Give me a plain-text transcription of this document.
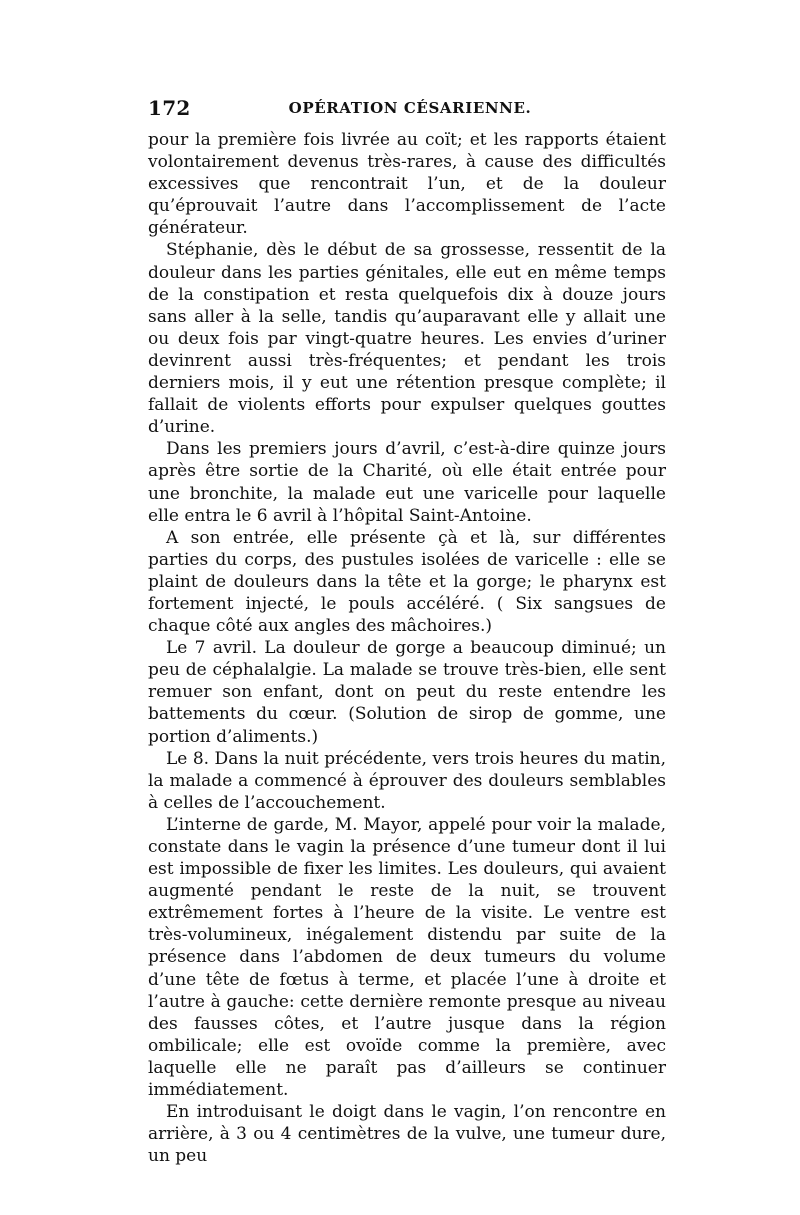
172	OPÉRATION CÉSARIENNE.

pour la première fois livrée au coït; et les rapports étaient volontairement devenus très-rares, à cause des difficultés excessives que rencontrait l’un, et de la douleur qu’éprouvait l’autre dans l’accomplissement de l’acte générateur.

Stéphanie, dès le début de sa grossesse, ressentit de la douleur dans les parties génitales, elle eut en même temps de la constipation et resta quelquefois dix à douze jours sans aller à la selle, tandis qu’auparavant elle y allait une ou deux fois par vingt-quatre heures. Les envies d’uriner devinrent aussi très-fréquentes; et pendant les trois derniers mois, il y eut une rétention presque complète; il fallait de violents efforts pour expulser quelques gouttes d’urine.

Dans les premiers jours d’avril, c’est-à-dire quinze jours après être sortie de la Charité, où elle était entrée pour une bronchite, la malade eut une varicelle pour laquelle elle entra le 6 avril à l’hôpital Saint-Antoine.

A son entrée, elle présente çà et là, sur différentes parties du corps, des pustules isolées de varicelle : elle se plaint de douleurs dans la tête et la gorge; le pharynx est fortement injecté, le pouls accéléré. ( Six sangsues de chaque côté aux angles des mâchoires.)

Le 7 avril. La douleur de gorge a beaucoup diminué; un peu de céphalalgie. La malade se trouve très-bien, elle sent remuer son enfant, dont on peut du reste entendre les battements du cœur. (Solution de sirop de gomme, une portion d’aliments.)

Le 8. Dans la nuit précédente, vers trois heures du matin, la malade a commencé à éprouver des douleurs semblables à celles de l’accouchement.

L’interne de garde, M. Mayor, appelé pour voir la malade, constate dans le vagin la présence d’une tumeur dont il lui est impossible de fixer les limites. Les douleurs, qui avaient augmenté pendant le reste de la nuit, se trouvent extrêmement fortes à l’heure de la visite. Le ventre est très-volumineux, inégalement distendu par suite de la présence dans l’abdomen de deux tumeurs du volume d’une tête de fœtus à terme, et placée l’une à droite et l’autre à gauche: cette dernière remonte presque au niveau des fausses côtes, et l’autre jusque dans la région ombilicale; elle est ovoïde comme la première, avec laquelle elle ne paraît pas d’ailleurs se continuer immédiatement.

En introduisant le doigt dans le vagin, l’on rencontre en arrière, à 3 ou 4 centimètres de la vulve, une tumeur dure, un peu
